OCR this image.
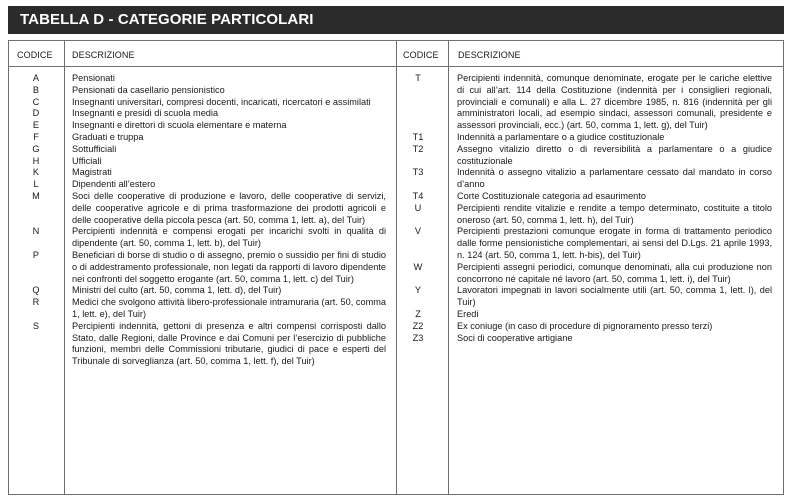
TABELLA D - CATEGORIE PARTICOLARI
CODICE DESCRIZIONE	CODICE DESCRIZIONE
A	Pensionati
B	Pensionati da casellario pensionistico
C	Insegnanti universitari, compresi docenti, incaricati, ricercatori e assimilati
D	Insegnanti e presidi di scuola media
E	Insegnanti e direttori di scuola elementare e materna
F	Graduati e truppa
G	Sottufficiali
H	Ufficiali
K	Magistrati
L	Dipendenti all’estero
M	Soci delle cooperative di produzione e lavoro, delle cooperative di servizi, delle cooperative agricole e di prima trasformazione dei prodotti agricoli e delle cooperative della piccola pesca (art. 50, comma 1, lett. a), del Tuir)
N	Percipienti indennità e compensi erogati per incarichi svolti in qualità di dipendente (art. 50, comma 1, lett. b), del Tuir)
P	Beneficiari di borse di studio o di assegno, premio o sussidio per fini di studio o di addestramento professionale, non legati da rapporti di lavoro dipendente nei confronti del soggetto erogante (art. 50, comma 1, lett. c) del Tuir)
Q	Ministri del culto (art. 50, comma 1, lett. d), del Tuir)
R	Medici che svolgono attività libero-professionale intramuraria (art. 50, comma 1, lett. e), del Tuir)
S	Percipienti indennità, gettoni di presenza e altri compensi corrisposti dallo Stato, dalle Regioni, dalle Province e dai Comuni per l’esercizio di pubbliche funzioni, membri delle Commissioni tributarie, giudici di pace e esperti del Tribunale di sorveglianza (art. 50, comma 1, lett. f), del Tuir)
T	Percipienti indennità, comunque denominate, erogate per le cariche elettive di cui all’art. 114 della Costituzione (indennità per i consiglieri regionali, provinciali e comunali) e alla L. 27 dicembre 1985, n. 816 (indennità per gli amministratori locali, ad esempio sindaci, assessori comunali, presidente e assessori provinciali, ecc.) (art. 50, comma 1, lett. g), del Tuir)
T1	Indennità a parlamentare o a giudice costituzionale
T2	Assegno vitalizio diretto o di reversibilità a parlamentare o a giudice costituzionale
T3	Indennità o assegno vitalizio a parlamentare cessato dal mandato in corso d’anno
T4	Corte Costituzionale categoria ad esaurimento
U	Percipienti rendite vitalizie e rendite a tempo determinato, costituite a titolo oneroso (art. 50, comma 1, lett. h), del Tuir)
V	Percipienti prestazioni comunque erogate in forma di trattamento periodico dalle forme pensionistiche complementari, ai sensi del D.Lgs. 21 aprile 1993, n. 124 (art. 50, comma 1, lett. h-bis), del Tuir)
W	Percipienti assegni periodici, comunque denominati, alla cui produzione non concorrono né capitale né lavoro (art. 50, comma 1, lett. i), del Tuir)
Y	Lavoratori impegnati in lavori socialmente utili (art. 50, comma 1, lett. l), del Tuir)
Z	Eredi
Z2	Ex coniuge (in caso di procedure di pignoramento presso terzi)
Z3	Soci di cooperative artigiane
